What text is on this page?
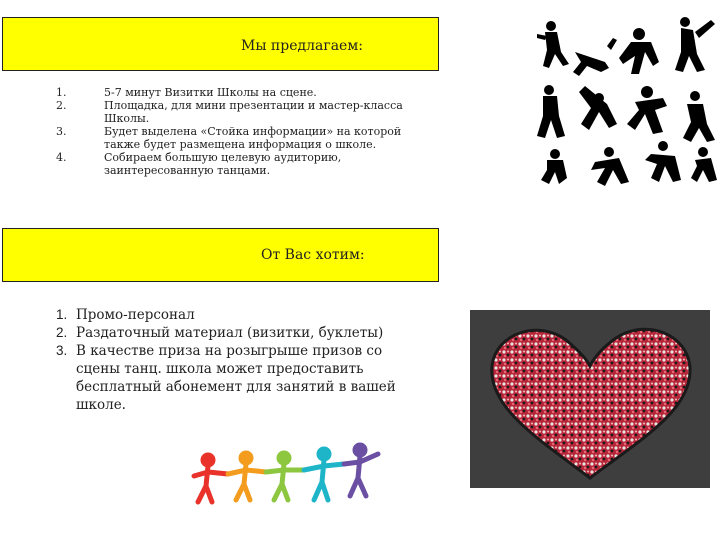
Мы предлагаем:
1.	5-7 минут Визитки Школы на сцене.
2.	Площадка, для мини презентации и мастер-класса Школы.
3.	Будет выделена «Стойка информации» на которой также будет размещена информация о школе.
4.	Собираем большую целевую аудиторию, заинтересованную танцами.
От Вас хотим:
1. Промо-персонал
2. Раздаточный материал (визитки, буклеты)
3. В качестве приза на розыгрыше призов со сцены танц. школа может предоставить бесплатный абонемент для занятий в вашей школе.
